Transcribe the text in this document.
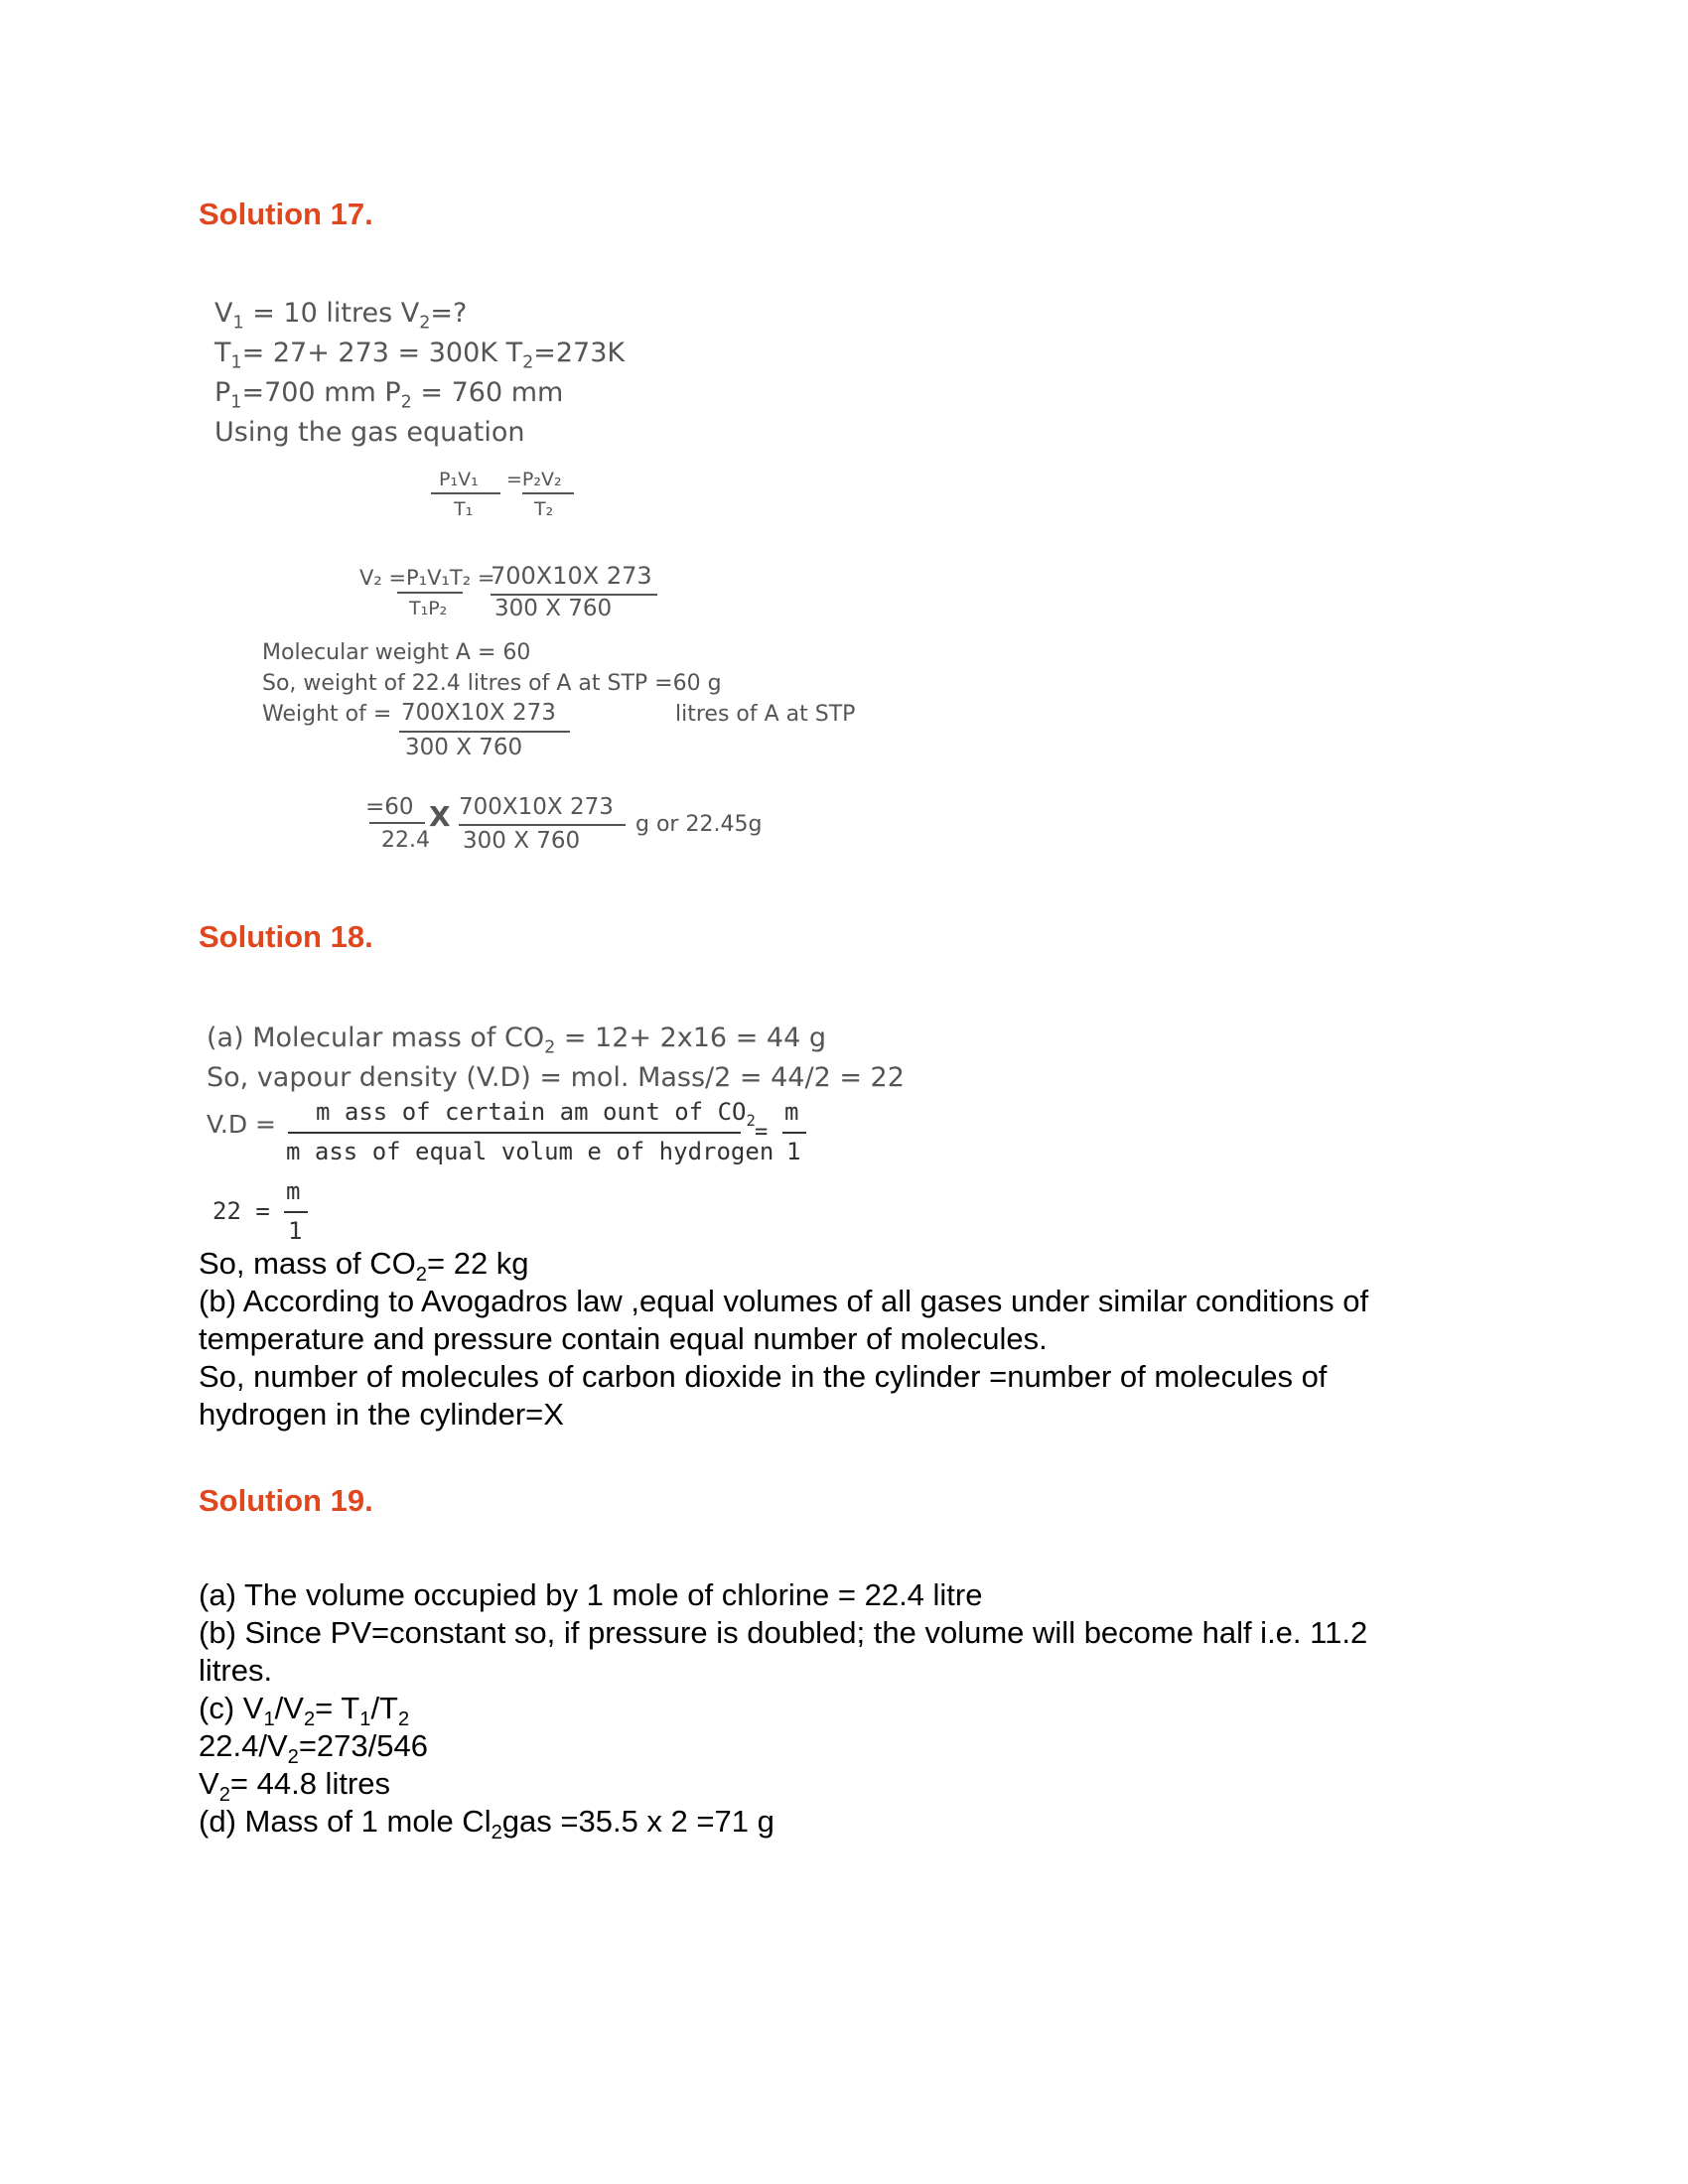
Solution 17.
$V_1 = 10$ litres $V_2=$?
$T_1= 27+ 273 = 300K$ $T_2=273K$
$P_1=700$ mm $P_2 = 760$ mm
Using the gas equation
P₁V₁ =P₂V₂
T₁	T₂
V₂ =P₁V₁T₂ =
700X10X 273
T₁P₂ 300 X 760
Molecular weight A = 60
So, weight of 22.4 litres of A at STP =60 g
Weight of = 700X10X 273	litres of A at STP
300 X 760
=60
22.4
X 700X10X 273
300 X 760
g or 22.45g
Solution 18.
(a) Molecular mass of $CO_2 = 12+ 2x16 = 44$ g
So, vapour density (V.D) = mol. Mass/2 = 44/2 = 22
V.D = m ass of certain am ount of $CO_2$
m ass of equal volum e of hydrogen
=
m
1
22 =
m
1
So, mass of $CO_2= 22$ kg
(b) According to Avogadros law ,equal volumes of all gases under similar conditions of
temperature and pressure contain equal number of molecules.
So, number of molecules of carbon dioxide in the cylinder =number of molecules of
hydrogen in the cylinder=X
Solution 19.
(a) The volume occupied by 1 mole of chlorine = 22.4 litre
(b) Since PV=constant so, if pressure is doubled; the volume will become half i.e. 11.2
litres.
(c) $V_1/V_2= T_1/T_2$
$22.4/V_2=273/546$
$V_2= 44.8$ litres
(d) Mass of 1 mole $Cl_2gas =35.5$ x 2 =71 g
